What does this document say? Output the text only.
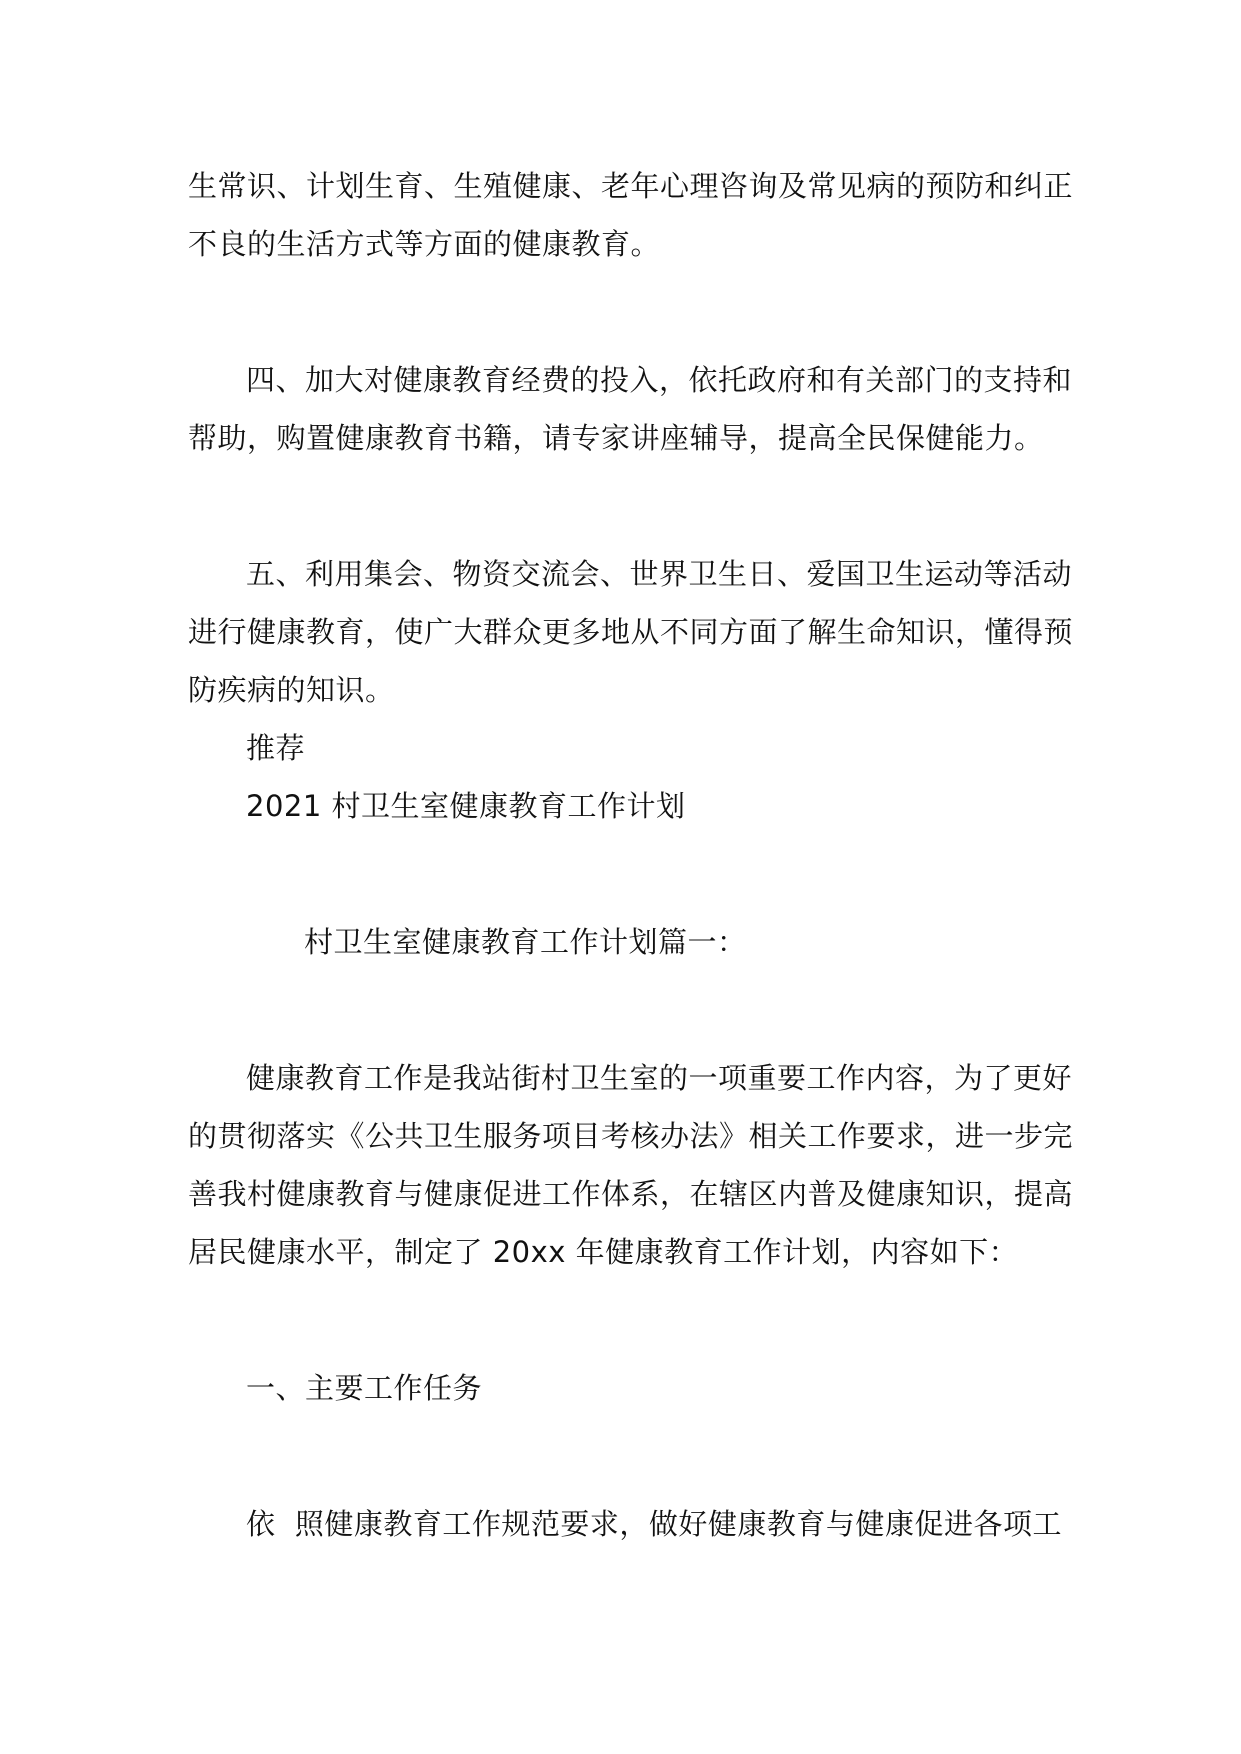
生常识、计划生育、生殖健康、老年心理咨询及常见病的预防和纠正
不良的生活方式等方面的健康教育。
四、加大对健康教育经费的投入，依托政府和有关部门的支持和
帮助，购置健康教育书籍，请专家讲座辅导，提高全民保健能力。
五、利用集会、物资交流会、世界卫生日、爱国卫生运动等活动
进行健康教育，使广大群众更多地从不同方面了解生命知识，懂得预
防疾病的知识。
推荐
2021 村卫生室健康教育工作计划
村卫生室健康教育工作计划篇一：
健康教育工作是我站街村卫生室的一项重要工作内容，为了更好
的贯彻落实《公共卫生服务项目考核办法》相关工作要求，进一步完
善我村健康教育与健康促进工作体系，在辖区内普及健康知识，提高
居民健康水平，制定了 20xx 年健康教育工作计划，内容如下：
一、主要工作任务
依  照健康教育工作规范要求，做好健康教育与健康促进各项工
